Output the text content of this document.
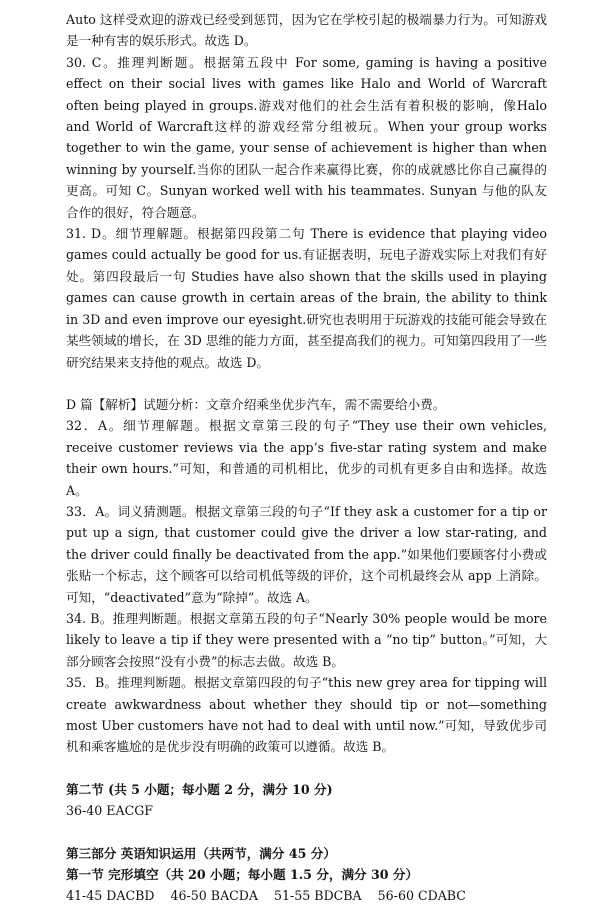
Auto 这样受欢迎的游戏已经受到惩罚，因为它在学校引起的极端暴力行为。可知游戏是一种有害的娱乐形式。故选 D。

30. C。推理判断题。根据第五段中 For some, gaming is having a positive effect on their social lives with games like Halo and World of Warcraft often being played in groups.游戏对他们的社会生活有着积极的影响，像Halo and World of Warcraft这样的游戏经常分组被玩。When your group works together to win the game, your sense of achievement is higher than when winning by yourself.当你的团队一起合作来赢得比赛，你的成就感比你自己赢得的更高。可知 C。Sunyan worked well with his teammates. Sunyan 与他的队友合作的很好，符合题意。

31. D。细节理解题。根据第四段第二句 There is evidence that playing video games could actually be good for us.有证据表明，玩电子游戏实际上对我们有好处。第四段最后一句 Studies have also shown that the skills used in playing games can cause growth in certain areas of the brain, the ability to think in 3D and even improve our eyesight.研究也表明用于玩游戏的技能可能会导致在某些领域的增长，在 3D 思维的能力方面，甚至提高我们的视力。可知第四段用了一些研究结果来支持他的观点。故选 D。

D 篇【解析】试题分析：文章介绍乘坐优步汽车，需不需要给小费。

32．A。细节理解题。根据文章第三段的句子“They use their own vehicles, receive customer reviews via the app’s five-star rating system and make their own hours.”可知，和普通的司机相比，优步的司机有更多自由和选择。故选 A。

33．A。词义猜测题。根据文章第三段的句子“If they ask a customer for a tip or put up a sign, that customer could give the driver a low star-rating, and the driver could finally be deactivated from the app.”如果他们要顾客付小费或张贴一个标志，这个顾客可以给司机低等级的评价，这个司机最终会从 app 上消除。可知，“deactivated”意为“除掉”。故选 A。

34. B。推理判断题。根据文章第五段的句子“Nearly 30% people would be more likely to leave a tip if they were presented with a “no tip” button。”可知，大部分顾客会按照“没有小费”的标志去做。故选 B。

35．B。推理判断题。根据文章第四段的句子“this new grey area for tipping will create awkwardness about whether they should tip or not—something most Uber customers have not had to deal with until now.”可知，导致优步司机和乘客尴尬的是优步没有明确的政策可以遵循。故选 B。

第二节 (共 5 小题；每小题 2 分，满分 10 分)

36-40 EACGF

第三部分 英语知识运用（共两节，满分 45 分）

第一节 完形填空（共 20 小题；每小题 1.5 分，满分 30 分）

41-45 DACBD    46-50 BACDA    51-55 BDCBA    56-60 CDABC
